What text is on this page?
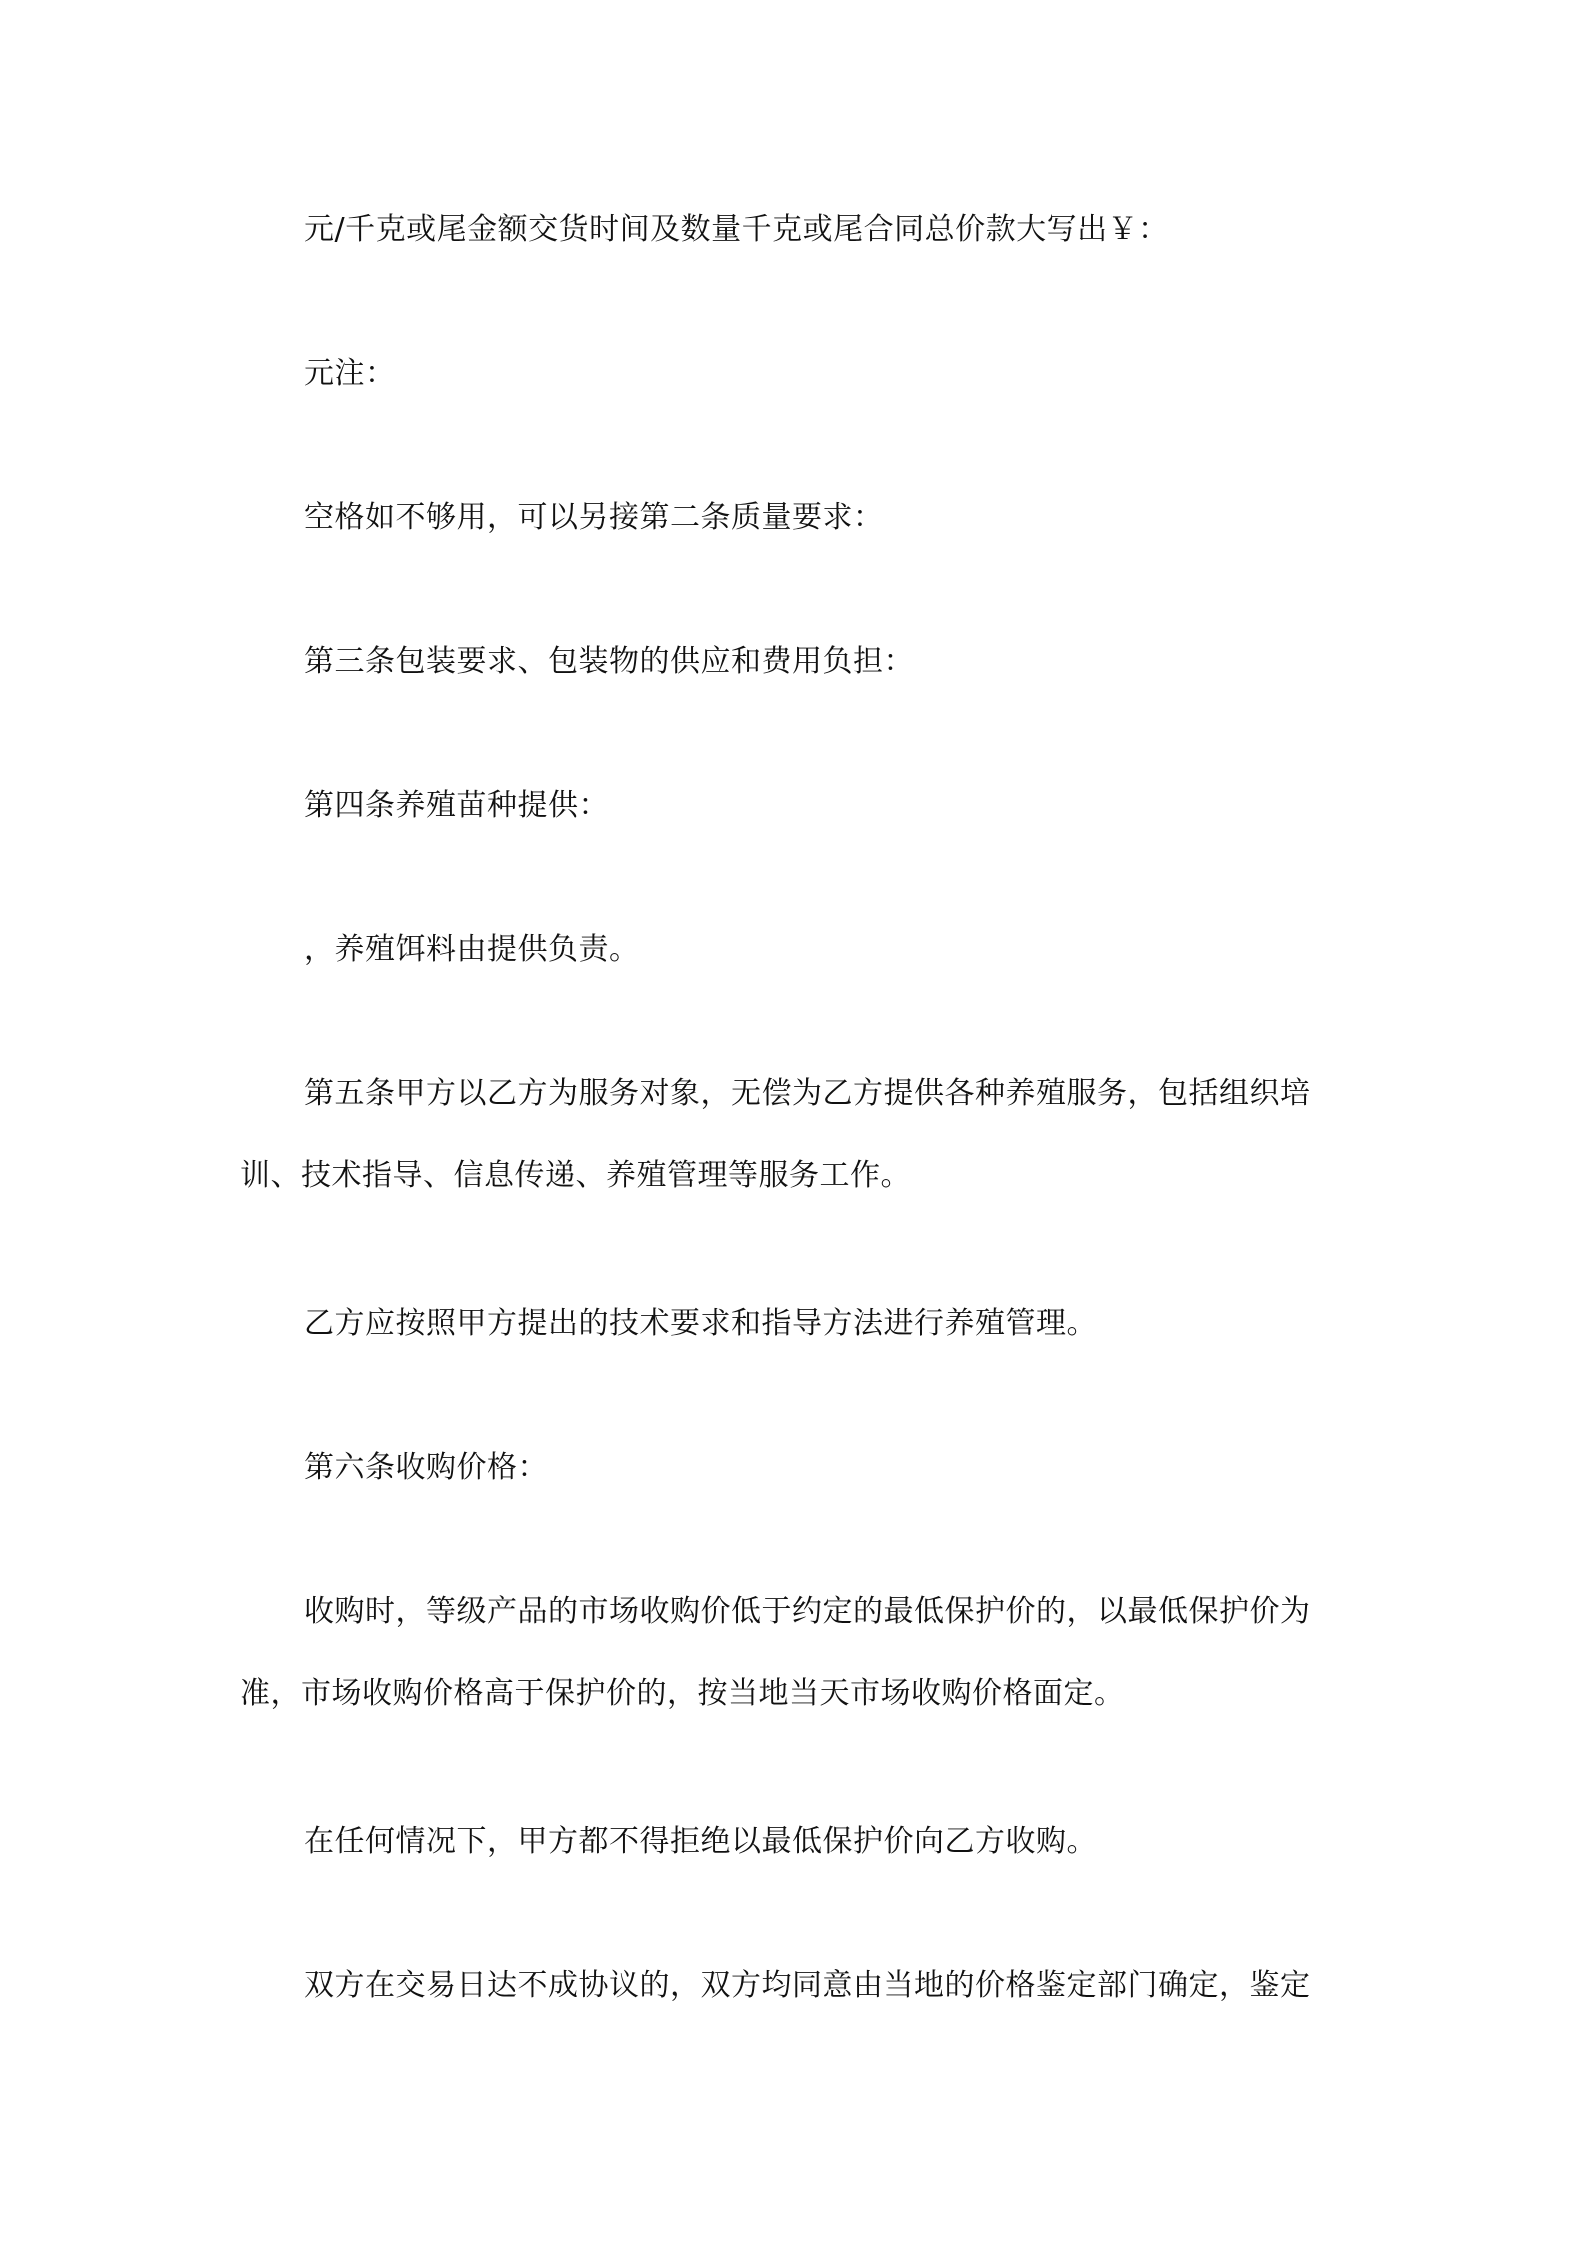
元/千克或尾金额交货时间及数量千克或尾合同总价款大写出￥：

元注：

空格如不够用，可以另接第二条质量要求：

第三条包装要求、包装物的供应和费用负担：

第四条养殖苗种提供：

，养殖饵料由提供负责。

第五条甲方以乙方为服务对象，无偿为乙方提供各种养殖服务，包括组织培训、技术指导、信息传递、养殖管理等服务工作。

乙方应按照甲方提出的技术要求和指导方法进行养殖管理。

第六条收购价格：

收购时，等级产品的市场收购价低于约定的最低保护价的，以最低保护价为准，市场收购价格高于保护价的，按当地当天市场收购价格面定。

在任何情况下，甲方都不得拒绝以最低保护价向乙方收购。

双方在交易日达不成协议的，双方均同意由当地的价格鉴定部门确定，鉴定
